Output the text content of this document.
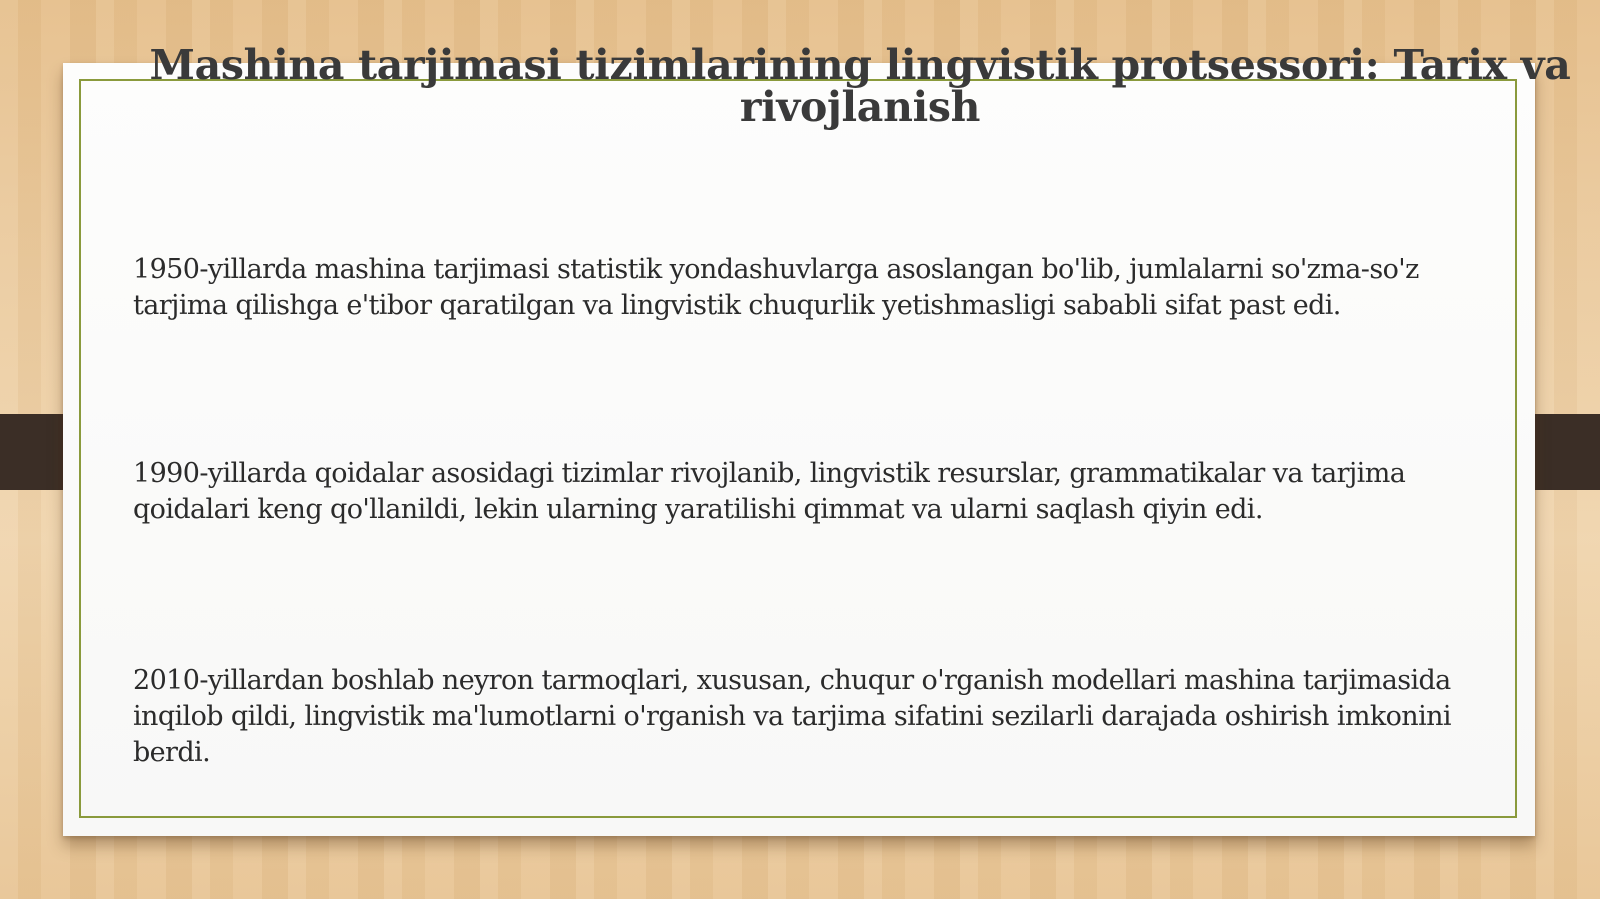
Mashina tarjimasi tizimlarining lingvistik protsessori: Tarix va rivojlanish

1950-yillarda mashina tarjimasi statistik yondashuvlarga asoslangan bo'lib, jumlalarni so'zma-so'z tarjima qilishga e'tibor qaratilgan va lingvistik chuqurlik yetishmasligi sababli sifat past edi.

1990-yillarda qoidalar asosidagi tizimlar rivojlanib, lingvistik resurslar, grammatikalar va tarjima qoidalari keng qo'llanildi, lekin ularning yaratilishi qimmat va ularni saqlash qiyin edi.

2010-yillardan boshlab neyron tarmoqlari, xususan, chuqur o'rganish modellari mashina tarjimasida inqilob qildi, lingvistik ma'lumotlarni o'rganish va tarjima sifatini sezilarli darajada oshirish imkonini berdi.
